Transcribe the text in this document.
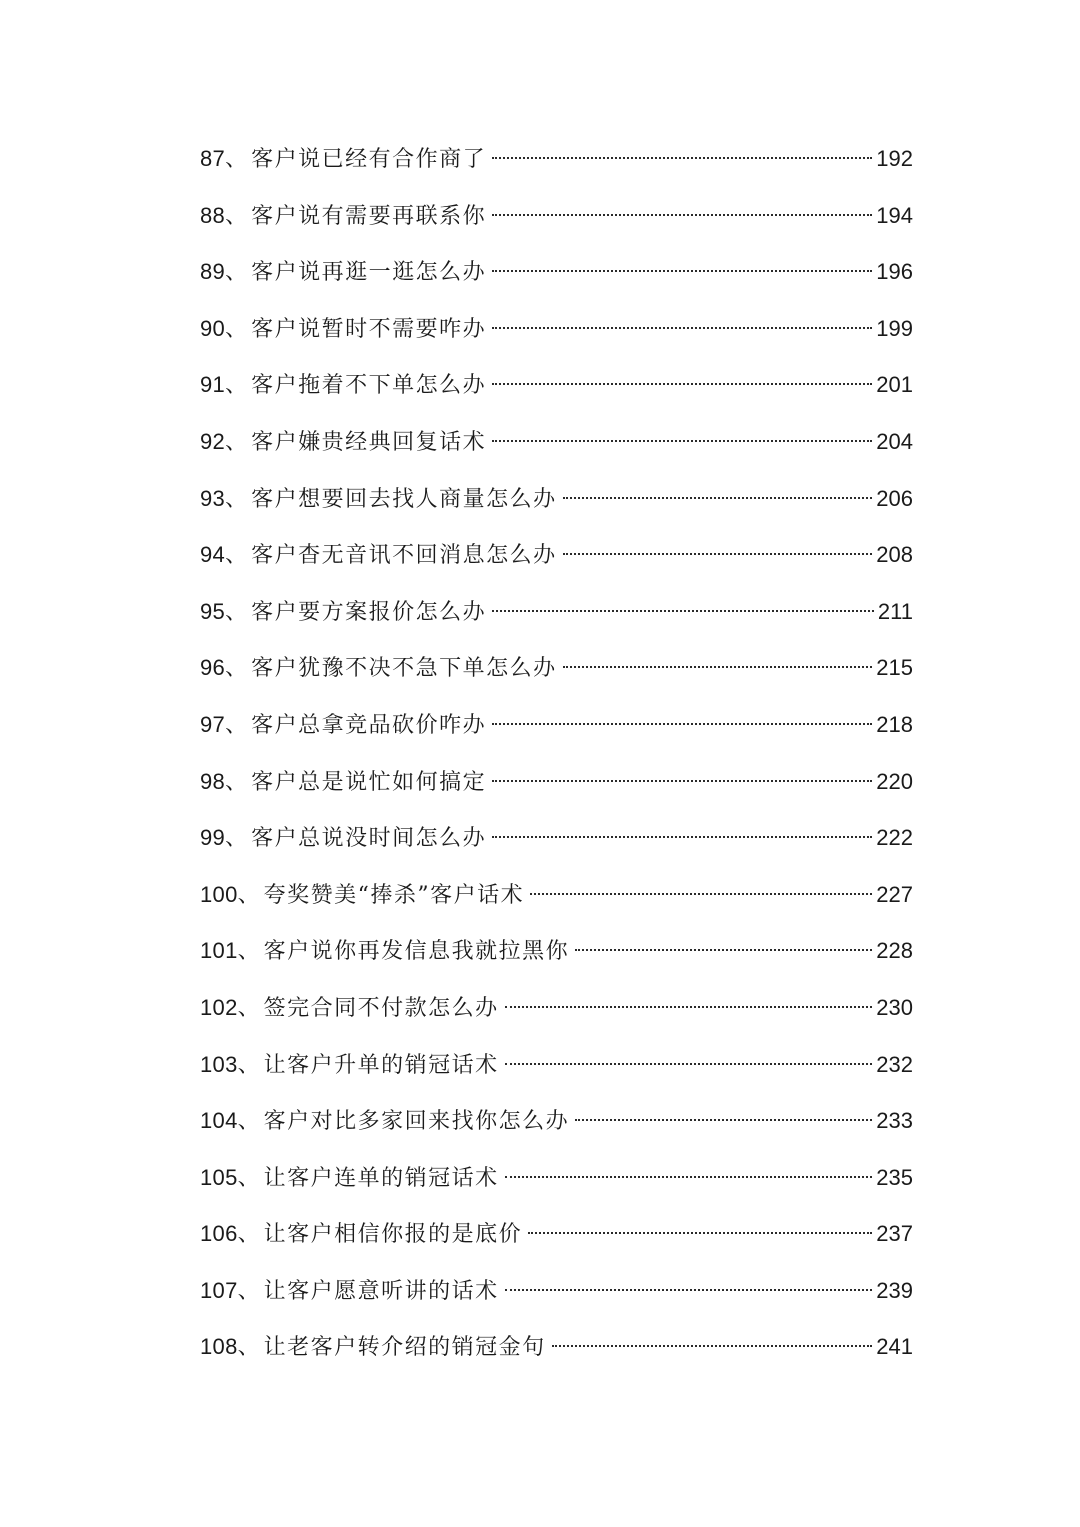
87 、 客户说已经有合作商了	192
88 、 客户说有需要再联系你	194
89 、 客户说再逛一逛怎么办	196
90 、 客户说暂时不需要咋办	199
91 、 客户拖着不下单怎么办	201
92 、 客户嫌贵经典回复话术	204
93 、 客户想要回去找人商量怎么办	206
94 、 客户杳无音讯不回消息怎么办	208
95 、 客户要方案报价怎么办	211
96 、 客户犹豫不决不急下单怎么办	215
97 、 客户总拿竞品砍价咋办	218
98 、 客户总是说忙如何搞定	220
99 、 客户总说没时间怎么办	222
100 、 夸奖赞美“捧杀”客户话术	227
101 、 客户说你再发信息我就拉黑你	228
102 、 签完合同不付款怎么办	230
103 、 让客户升单的销冠话术	232
104 、 客户对比多家回来找你怎么办	233
105 、 让客户连单的销冠话术	235
106 、 让客户相信你报的是底价	237
107 、 让客户愿意听讲的话术	239
108 、 让老客户转介绍的销冠金句	241
